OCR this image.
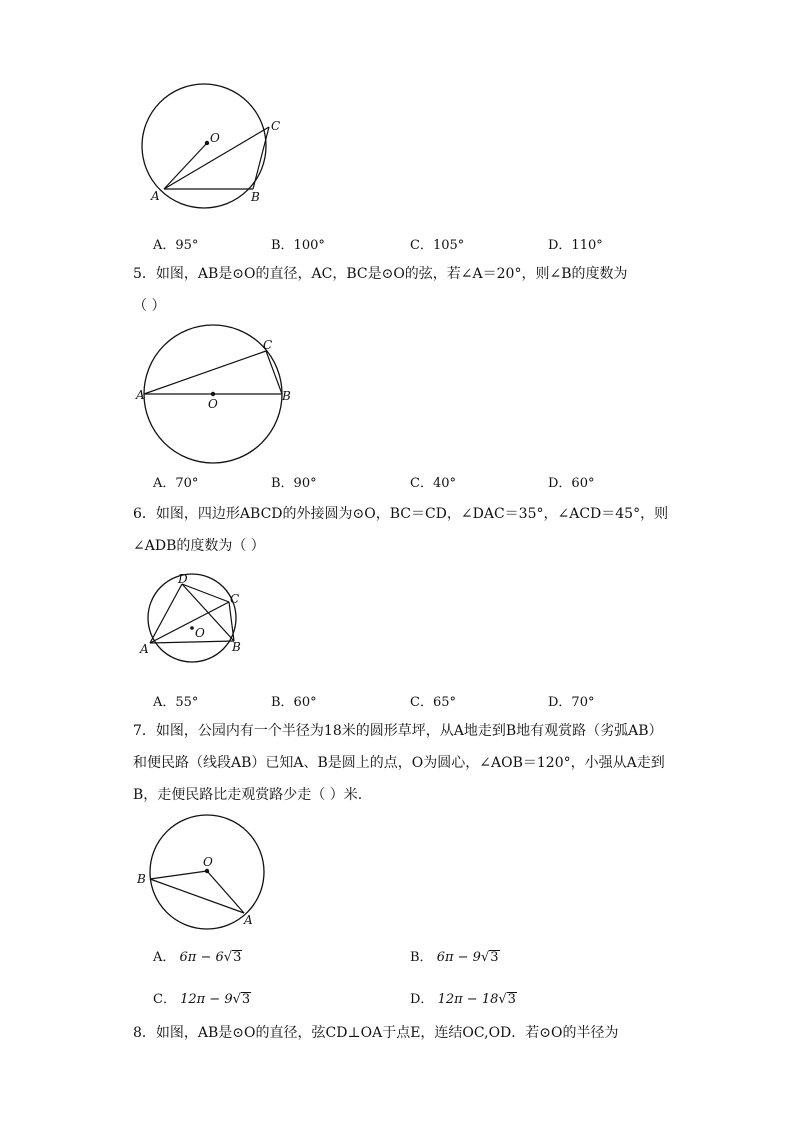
O
C
A	B
A．95°	B．100°	C．105°	D．110°
5．如图，AB是⊙O的直径，AC，BC是⊙O的弦，若∠A＝20°，则∠B的度数为
（ ）
A	B
C
O
A．70°	B．90°	C．40°	D．60°
6．如图，四边形ABCD的外接圆为⊙O，BC＝CD，∠DAC＝35°，∠ACD＝45°，则
∠ADB的度数为（ ）
D
C
O
A	B
A．55°	B．60°	C．65°	D．70°
7．如图，公园内有一个半径为18米的圆形草坪，从A地走到B地有观赏路（劣弧AB）
和便民路（线段AB）已知A、B是圆上的点，O为圆心，∠AOB＝120°，小强从A走到
B，走便民路比走观赏路少走（ ）米.
O
B
A
A． 6π − 6√3	B． 6π − 9√3
C． 12π − 9√3	D． 12π − 18√3
8．如图，AB是⊙O的直径，弦CD⊥OA于点E，连结OC,OD．若⊙O的半径为
